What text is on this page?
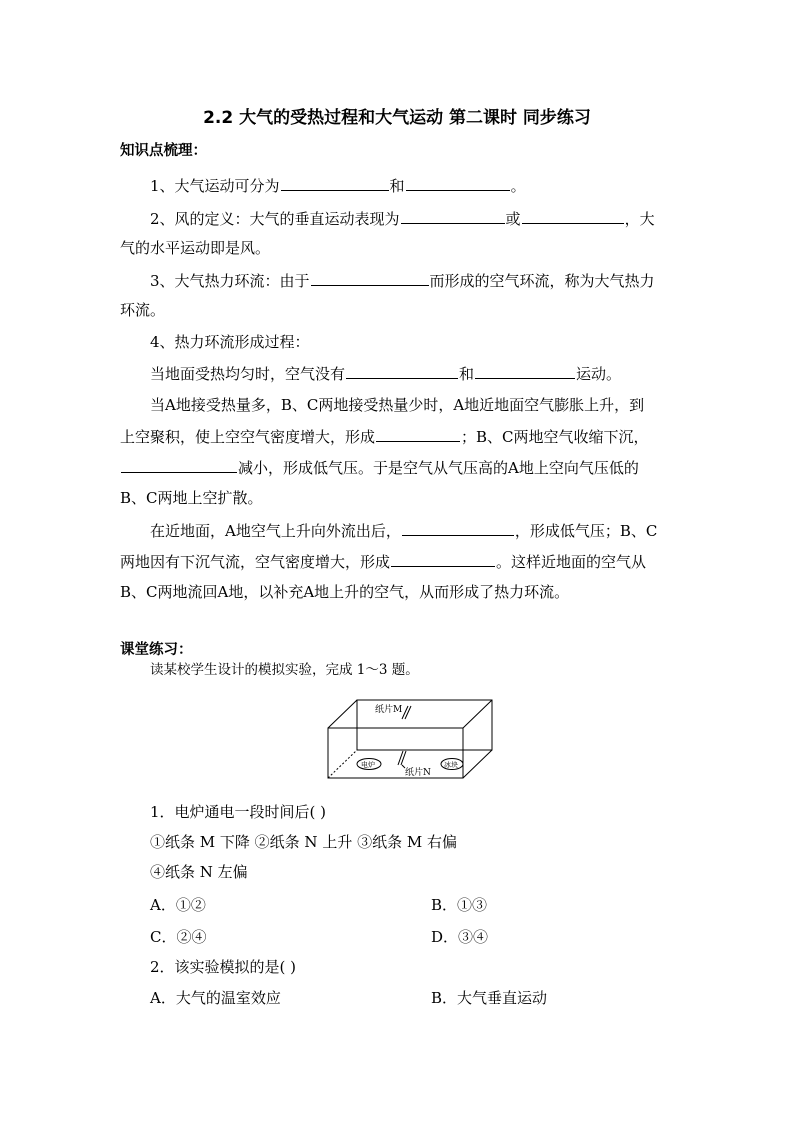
2.2 大气的受热过程和大气运动 第二课时 同步练习
知识点梳理：
1、大气运动可分为	和	。
2、风的定义：大气的垂直运动表现为	或	，大
气的水平运动即是风。
3、大气热力环流：由于	而形成的空气环流，称为大气热力
环流。
4、热力环流形成过程：
当地面受热均匀时，空气没有	和	运动。
当A地接受热量多，B、C两地接受热量少时，A地近地面空气膨胀上升，到
上空聚积，使上空空气密度增大，形成	；B、C两地空气收缩下沉，
减小，形成低气压。于是空气从气压高的A地上空向气压低的
B、C两地上空扩散。
在近地面，A地空气上升向外流出后，	，形成低气压；B、C
两地因有下沉气流，空气密度增大，形成	。这样近地面的空气从
B、C两地流回A地，以补充A地上升的空气，从而形成了热力环流。
课堂练习：
读某校学生设计的模拟实验，完成 1～3 题。
纸片M
纸片N
电炉	冰块
1．电炉通电一段时间后( )
①纸条 M 下降 ②纸条 N 上升 ③纸条 M 右偏
④纸条 N 左偏
A．①②	B．①③
C．②④	D．③④
2．该实验模拟的是( )
A．大气的温室效应	B．大气垂直运动
